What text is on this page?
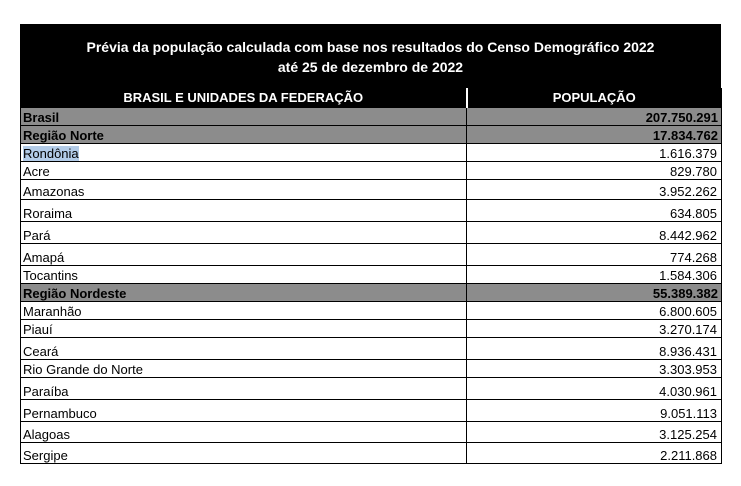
Prévia da população calculada com base nos resultados do Censo Demográfico 2022
até 25 de dezembro de 2022
BRASIL E UNIDADES DA FEDERAÇÃO	POPULAÇÃO
Brasil	207.750.291
Região Norte	17.834.762
Rondônia	1.616.379
Acre	829.780
Amazonas	3.952.262
Roraima	634.805
Pará	8.442.962
Amapá	774.268
Tocantins	1.584.306
Região Nordeste	55.389.382
Maranhão	6.800.605
Piauí	3.270.174
Ceará	8.936.431
Rio Grande do Norte	3.303.953
Paraíba	4.030.961
Pernambuco	9.051.113
Alagoas	3.125.254
Sergipe	2.211.868
